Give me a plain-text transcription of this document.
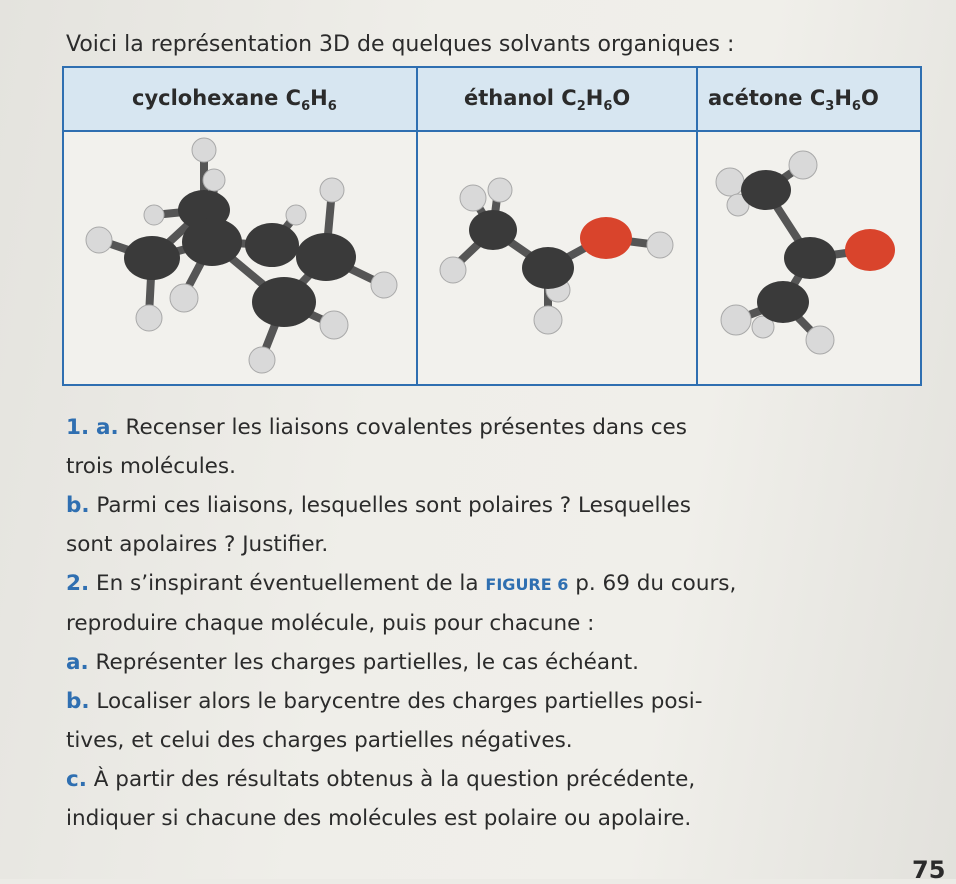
Voici la représentation 3D de quelques solvants organiques :
cyclohexane $C_6H_6$	éthanol $C_2H_6O$	acétone $C_3H_6O$
1. a. Recenser les liaisons covalentes présentes dans ces
trois molécules.
b. Parmi ces liaisons, lesquelles sont polaires ? Lesquelles
sont apolaires ? Justifier.
2. En s’inspirant éventuellement de la FIGURE 6 p. 69 du cours,
reproduire chaque molécule, puis pour chacune :
a. Représenter les charges partielles, le cas échéant.
b. Localiser alors le barycentre des charges partielles posi-
tives, et celui des charges partielles négatives.
c. À partir des résultats obtenus à la question précédente,
indiquer si chacune des molécules est polaire ou apolaire.
75
